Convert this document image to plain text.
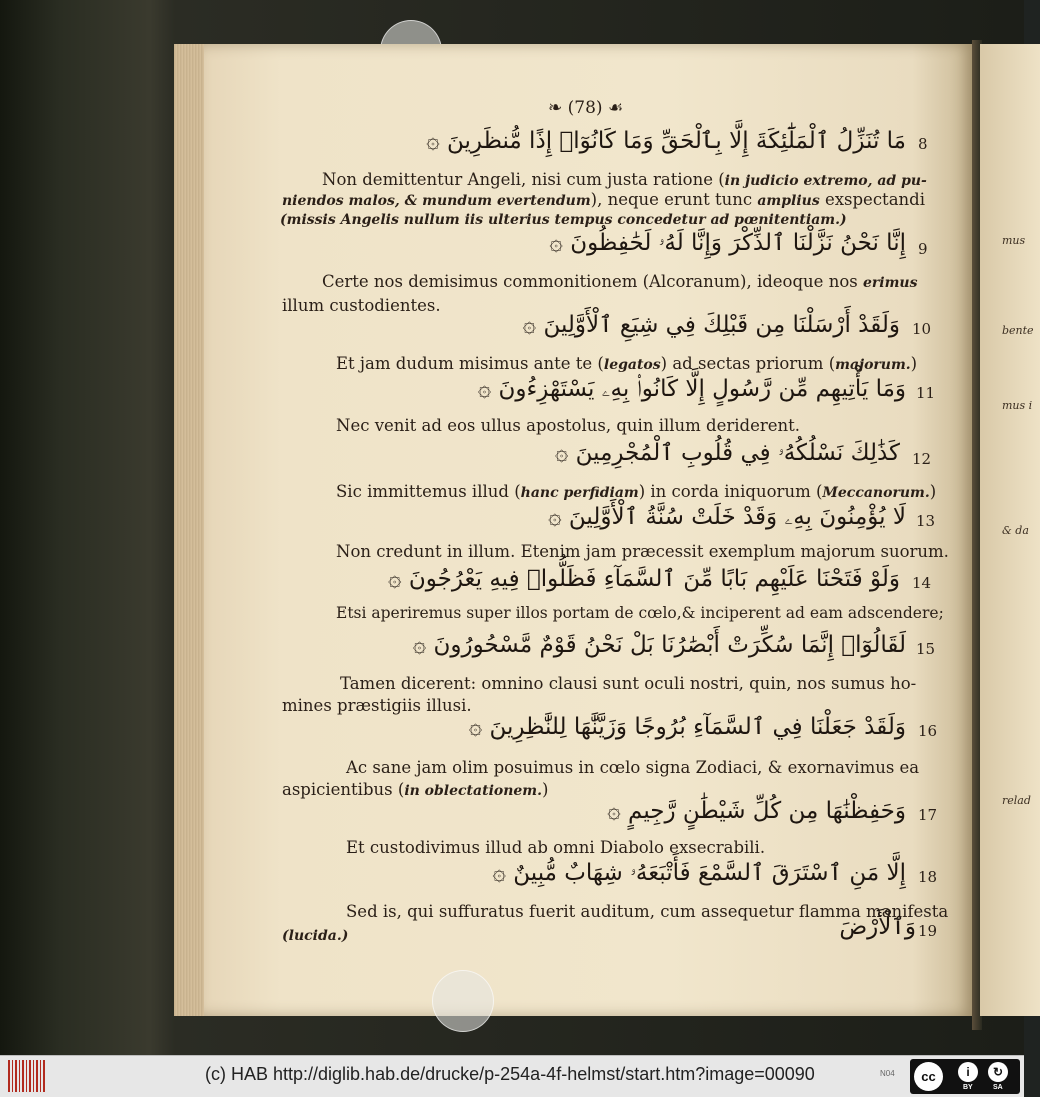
mus
bente
mus i
& da
relad
❧ (78) ☙
8
مَا تُنَزِّلُ ٱلْمَلَٰٓئِكَةَ إِلَّا بِٱلْحَقِّ وَمَا كَانُوٓا۟ إِذًا مُّنظَرِينَ ۞
Non demittentur Angeli, nisi cum justa ratione (in judicio extremo, ad pu-
niendos malos, & mundum evertendum), neque erunt tunc amplius exspectandi
(missis Angelis nullum iis ulterius tempus concedetur ad pœnitentiam.)
9
إِنَّا نَحْنُ نَزَّلْنَا ٱلذِّكْرَ وَإِنَّا لَهُۥ لَحَٰفِظُونَ ۞
Certe nos demisimus commonitionem (Alcoranum), ideoque nos erimus
illum custodientes.
10
وَلَقَدْ أَرْسَلْنَا مِن قَبْلِكَ فِي شِيَعِ ٱلْأَوَّلِينَ ۞
Et jam dudum misimus ante te (legatos) ad sectas priorum (majorum.)
11
وَمَا يَأْتِيهِم مِّن رَّسُولٍ إِلَّا كَانُوا۟ بِهِۦ يَسْتَهْزِءُونَ ۞
Nec venit ad eos ullus apostolus, quin illum deriderent.
12
كَذَٰلِكَ نَسْلُكُهُۥ فِي قُلُوبِ ٱلْمُجْرِمِينَ ۞
Sic immittemus illud (hanc perfidiam) in corda iniquorum (Meccanorum.)
13
لَا يُؤْمِنُونَ بِهِۦ وَقَدْ خَلَتْ سُنَّةُ ٱلْأَوَّلِينَ ۞
Non credunt in illum. Etenim jam præcessit exemplum majorum suorum.
14
وَلَوْ فَتَحْنَا عَلَيْهِم بَابًا مِّنَ ٱلسَّمَآءِ فَظَلُّوا۟ فِيهِ يَعْرُجُونَ ۞
Etsi aperiremus super illos portam de cœlo,& inciperent ad eam adscendere;
15
لَقَالُوٓا۟ إِنَّمَا سُكِّرَتْ أَبْصَٰرُنَا بَلْ نَحْنُ قَوْمٌ مَّسْحُورُونَ ۞
Tamen dicerent: omnino clausi sunt oculi nostri, quin, nos sumus ho-
mines præstigiis illusi.
16
وَلَقَدْ جَعَلْنَا فِي ٱلسَّمَآءِ بُرُوجًا وَزَيَّنَّٰهَا لِلنَّٰظِرِينَ ۞
Ac sane jam olim posuimus in cœlo signa Zodiaci, & exornavimus ea
aspicientibus (in oblectationem.)
17
وَحَفِظْنَٰهَا مِن كُلِّ شَيْطَٰنٍ رَّجِيمٍ ۞
Et custodivimus illud ab omni Diabolo exsecrabili.
18
إِلَّا مَنِ ٱسْتَرَقَ ٱلسَّمْعَ فَأَتْبَعَهُۥ شِهَابٌ مُّبِينٌ ۞
Sed is, qui suffuratus fuerit auditum, cum assequetur flamma manifesta
(lucida.)	19
وَٱلْأَرْضَ
(c) HAB http://diglib.hab.de/drucke/p-254a-4f-helmst/start.htm?image=00090	N04	cc	i	↻
BY	SA
